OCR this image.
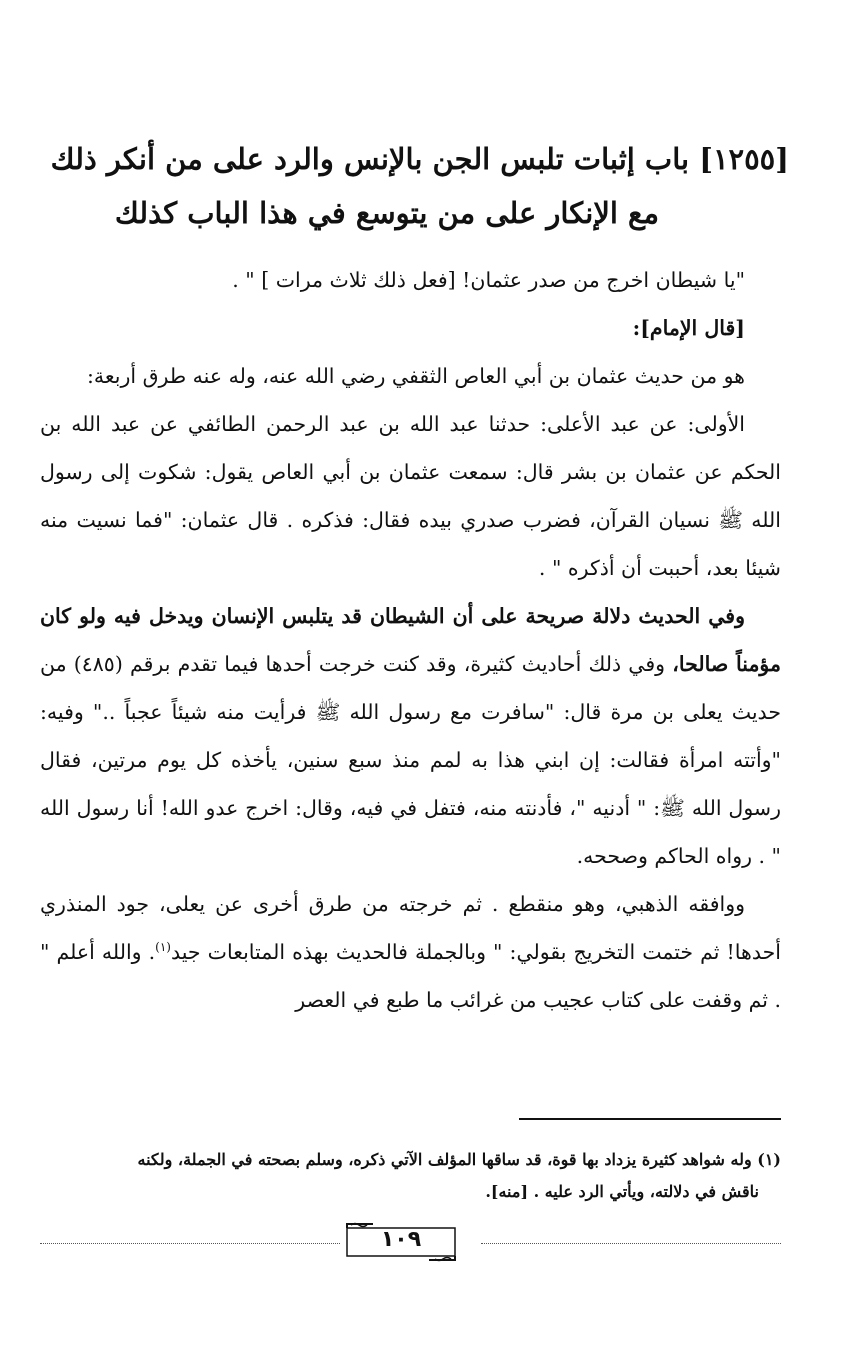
[١٢٥٥] باب إثبات تلبس الجن بالإنس والرد على من أنكر ذلك
مع الإنكار على من يتوسع في هذا الباب كذلك

"يا شيطان اخرج من صدر عثمان! [فعل ذلك ثلاث مرات ] " .

[قال الإمام]:

هو من حديث عثمان بن أبي العاص الثقفي رضي الله عنه، وله عنه طرق أربعة:

الأولى: عن عبد الأعلى: حدثنا عبد الله بن عبد الرحمن الطائفي عن عبد الله بن الحكم عن عثمان بن بشر قال: سمعت عثمان بن أبي العاص يقول: شكوت إلى رسول الله ﷺ نسيان القرآن، فضرب صدري بيده فقال: فذكره . قال عثمان: "فما نسيت منه شيئا بعد، أحببت أن أذكره " .

وفي الحديث دلالة صريحة على أن الشيطان قد يتلبس الإنسان ويدخل فيه ولو كان مؤمناً صالحا، وفي ذلك أحاديث كثيرة، وقد كنت خرجت أحدها فيما تقدم برقم (٤٨٥) من حديث يعلى بن مرة قال: "سافرت مع رسول الله ﷺ فرأيت منه شيئاً عجباً .." وفيه: "وأتته امرأة فقالت: إن ابني هذا به لمم منذ سبع سنين، يأخذه كل يوم مرتين، فقال رسول الله ﷺ: " أدنيه "، فأدنته منه، فتفل في فيه، وقال: اخرج عدو الله! أنا رسول الله " . رواه الحاكم وصححه.

ووافقه الذهبي، وهو منقطع . ثم خرجته من طرق أخرى عن يعلى، جود المنذري أحدها! ثم ختمت التخريج بقولي: " وبالجملة فالحديث بهذه المتابعات جيد$^{(١)}$. والله أعلم " . ثم وقفت على كتاب عجيب من غرائب ما طبع في العصر

(١) وله شواهد كثيرة يزداد بها قوة، قد ساقها المؤلف الآتي ذكره، وسلم بصحته في الجملة، ولكنه
ناقش في دلالته، ويأتي الرد عليه . [منه].
١٠٩
